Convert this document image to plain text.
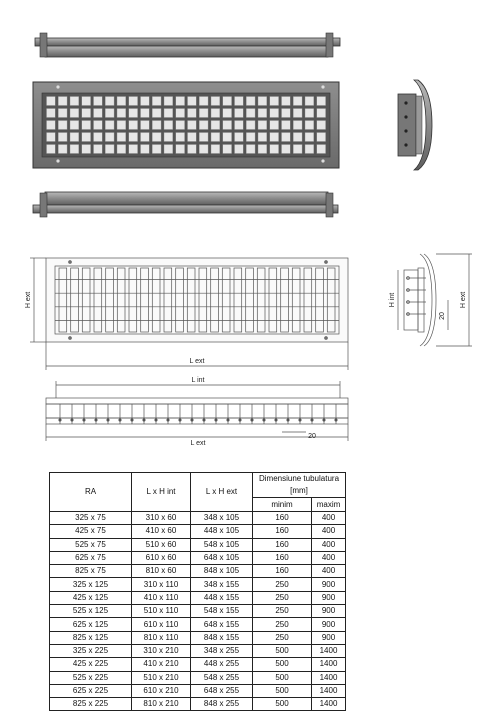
H ext
L ext
H int	H ext
20
L int
L ext
20
RA	L x H int	L x H ext	Dimensiune tubulatura [mm]	
			minim	maxim
325 x 75	310 x 60	348 x 105	160	400
425 x 75	410 x 60	448 x 105	160	400
525 x 75	510 x 60	548 x 105	160	400
625 x 75	610 x 60	648 x 105	160	400
825 x 75	810 x 60	848 x 105	160	400
325 x 125	310 x 110	348 x 155	250	900
425 x 125	410 x 110	448 x 155	250	900
525 x 125	510 x 110	548 x 155	250	900
625 x 125	610 x 110	648 x 155	250	900
825 x 125	810 x 110	848 x 155	250	900
325 x 225	310 x 210	348 x 255	500	1400
425 x 225	410 x 210	448 x 255	500	1400
525 x 225	510 x 210	548 x 255	500	1400
625 x 225	610 x 210	648 x 255	500	1400
825 x 225	810 x 210	848 x 255	500	1400
